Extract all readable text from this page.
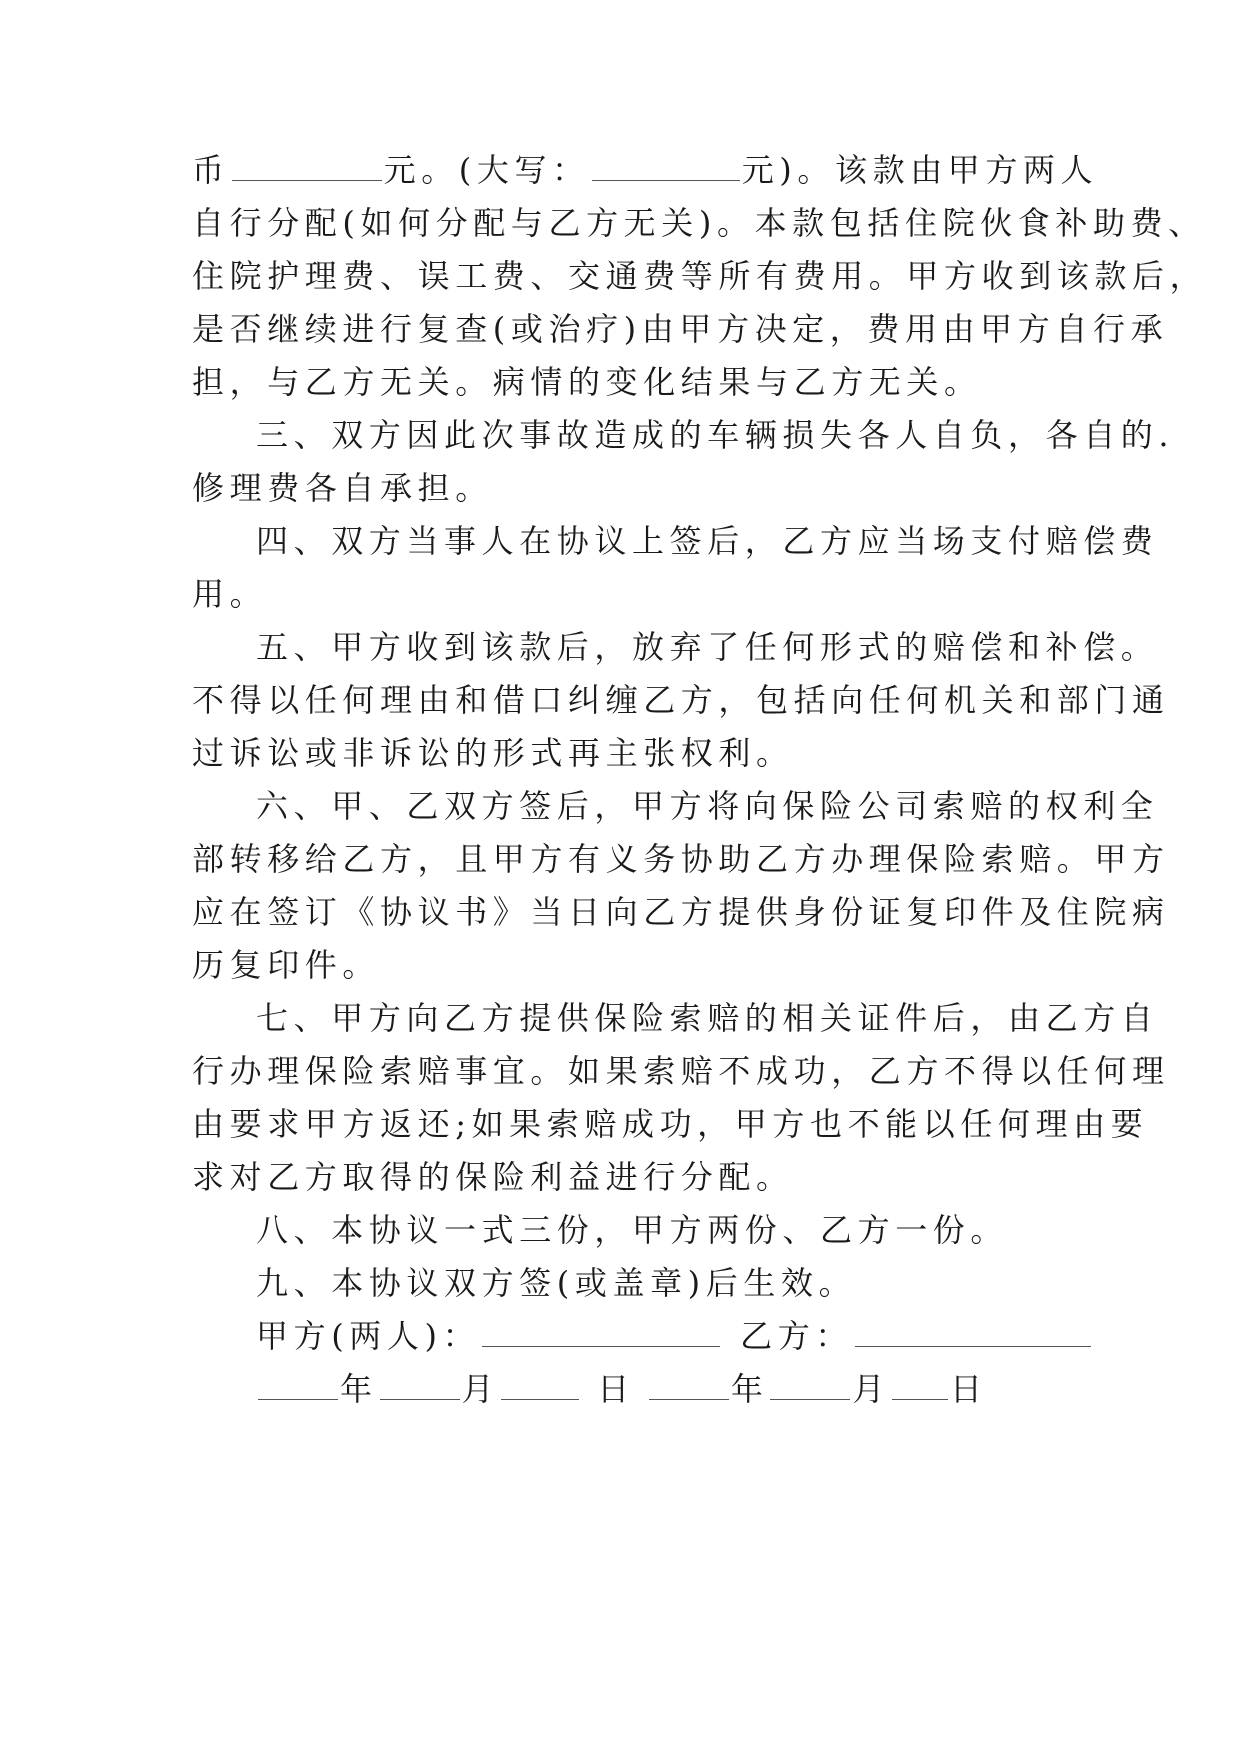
币	元。(大写：	元)。该款由甲方两人
自行分配(如何分配与乙方无关)。本款包括住院伙食补助费、
住院护理费、误工费、交通费等所有费用。甲方收到该款后，
是否继续进行复查(或治疗)由甲方决定，费用由甲方自行承
担，与乙方无关。病情的变化结果与乙方无关。
三、双方因此次事故造成的车辆损失各人自负，各自的.
修理费各自承担。
四、双方当事人在协议上签后，乙方应当场支付赔偿费
用。
五、甲方收到该款后，放弃了任何形式的赔偿和补偿。
不得以任何理由和借口纠缠乙方，包括向任何机关和部门通
过诉讼或非诉讼的形式再主张权利。
六、甲、乙双方签后，甲方将向保险公司索赔的权利全
部转移给乙方，且甲方有义务协助乙方办理保险索赔。甲方
应在签订《协议书》当日向乙方提供身份证复印件及住院病
历复印件。
七、甲方向乙方提供保险索赔的相关证件后，由乙方自
行办理保险索赔事宜。如果索赔不成功，乙方不得以任何理
由要求甲方返还;如果索赔成功，甲方也不能以任何理由要
求对乙方取得的保险利益进行分配。
八、本协议一式三份，甲方两份、乙方一份。
九、本协议双方签(或盖章)后生效。
甲方(两人)：	乙方：
年	月	日	年	月 日
